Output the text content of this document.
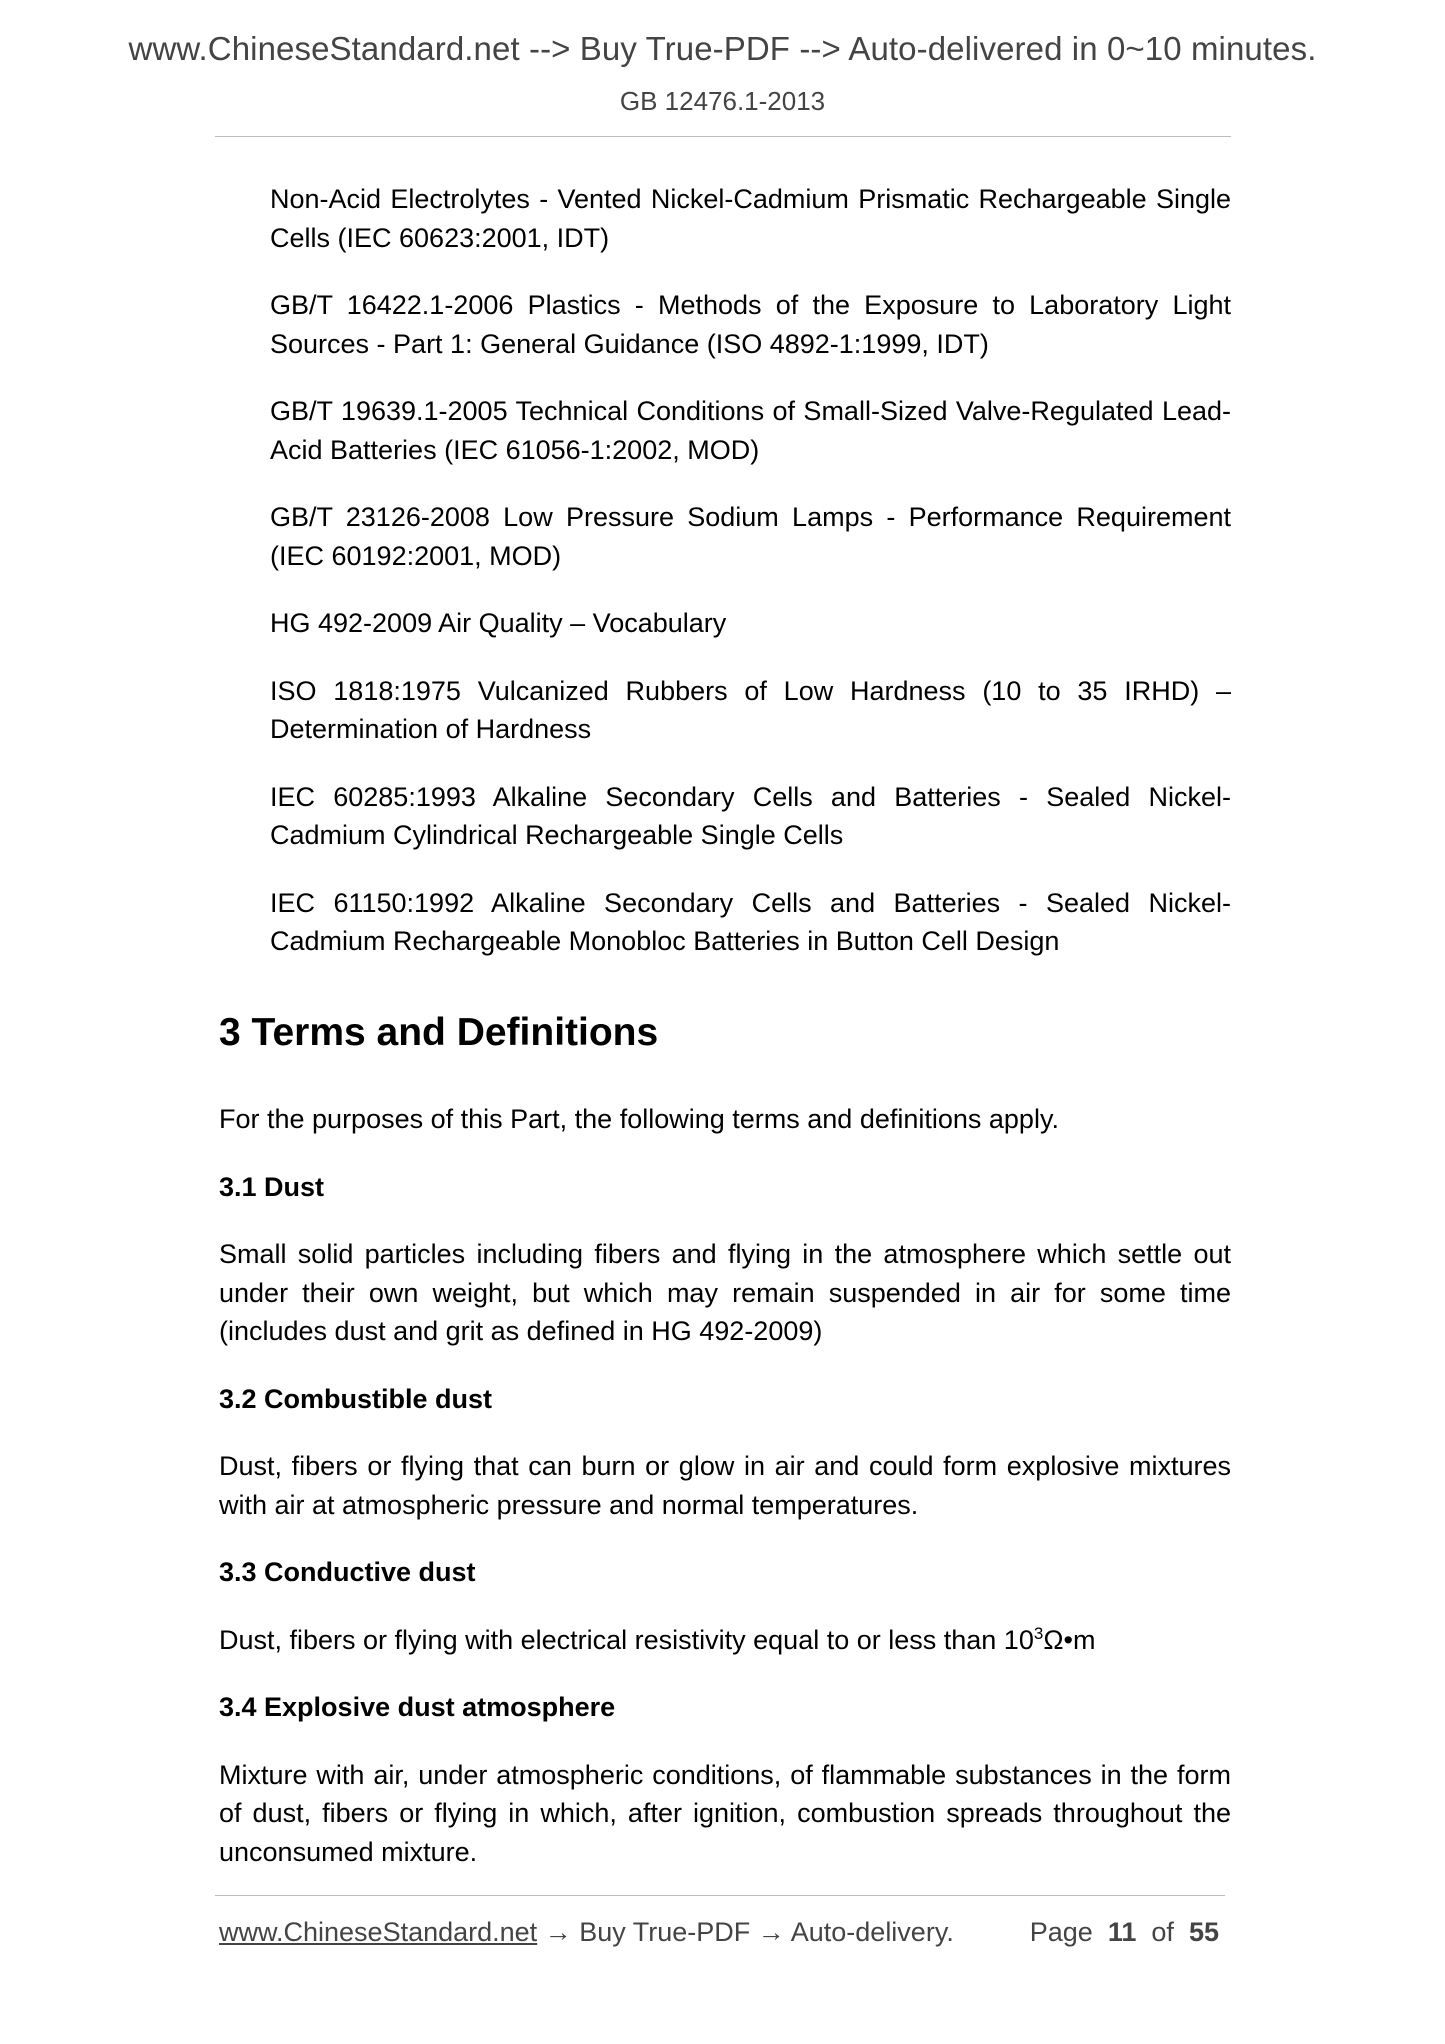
www.ChineseStandard.net --> Buy True-PDF --> Auto-delivered in 0~10 minutes.
GB 12476.1-2013

Non-Acid Electrolytes - Vented Nickel-Cadmium Prismatic Rechargeable Single Cells (IEC 60623:2001, IDT)

GB/T 16422.1-2006 Plastics - Methods of the Exposure to Laboratory Light Sources - Part 1: General Guidance (ISO 4892-1:1999, IDT)

GB/T 19639.1-2005 Technical Conditions of Small-Sized Valve-Regulated Lead-Acid Batteries (IEC 61056-1:2002, MOD)

GB/T 23126-2008 Low Pressure Sodium Lamps - Performance Requirement (IEC 60192:2001, MOD)

HG 492-2009 Air Quality – Vocabulary

ISO 1818:1975 Vulcanized Rubbers of Low Hardness (10 to 35 IRHD) – Determination of Hardness

IEC 60285:1993 Alkaline Secondary Cells and Batteries - Sealed Nickel-Cadmium Cylindrical Rechargeable Single Cells

IEC 61150:1992 Alkaline Secondary Cells and Batteries - Sealed Nickel-Cadmium Rechargeable Monobloc Batteries in Button Cell Design

3 Terms and Definitions

For the purposes of this Part, the following terms and definitions apply.

3.1 Dust

Small solid particles including fibers and flying in the atmosphere which settle out under their own weight, but which may remain suspended in air for some time (includes dust and grit as defined in HG 492-2009)

3.2 Combustible dust

Dust, fibers or flying that can burn or glow in air and could form explosive mixtures with air at atmospheric pressure and normal temperatures.

3.3 Conductive dust

Dust, fibers or flying with electrical resistivity equal to or less than $10^3\Omega•m$

3.4 Explosive dust atmosphere

Mixture with air, under atmospheric conditions, of flammable substances in the form of dust, fibers or flying in which, after ignition, combustion spreads throughout the unconsumed mixture.

www.ChineseStandard.net → Buy True-PDF → Auto-delivery.	Page 11 of 55
